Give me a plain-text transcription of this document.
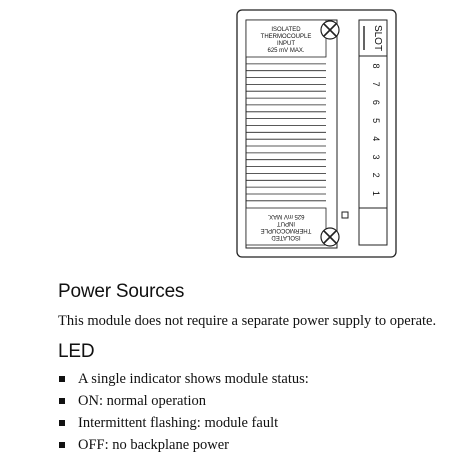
ISOLATED
THERMOCOUPLE
INPUT
625 mV MAX.
ISOLATED
THERMOCOUPLE
INPUT
625 mV MAX.
SLOT
8
7
6
5
4
3
2
1
Power Sources

This module does not require a separate power supply to operate.

LED
A single indicator shows module status:
ON: normal operation
Intermittent flashing: module fault
OFF: no backplane power
